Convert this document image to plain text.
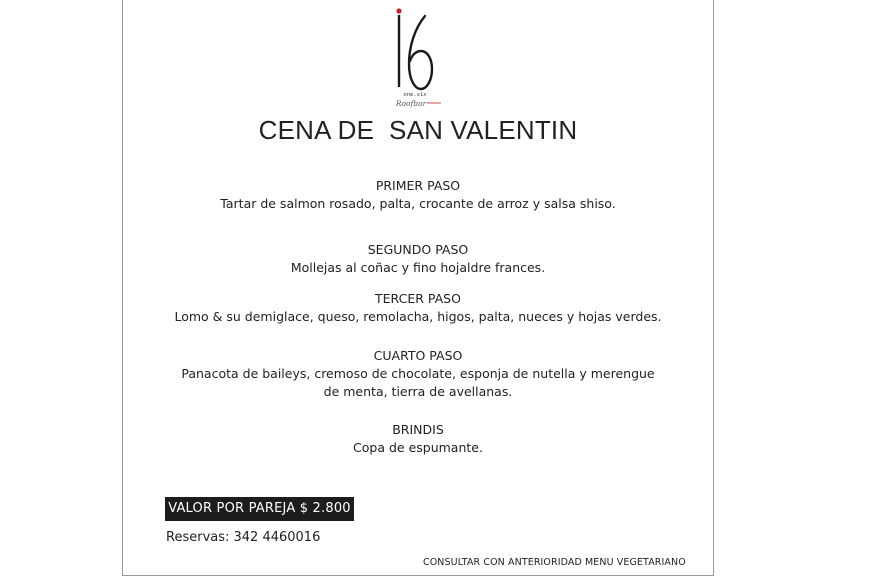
one.six
Roofbar
CENA DE  SAN VALENTIN
PRIMER PASO
Tartar de salmon rosado, palta, crocante de arroz y salsa shiso.
SEGUNDO PASO
Mollejas al coñac y fino hojaldre frances.
TERCER PASO
Lomo & su demiglace, queso, remolacha, higos, palta, nueces y hojas verdes.
CUARTO PASO
Panacota de baileys, cremoso de chocolate, esponja de nutella y merengue
de menta, tierra de avellanas.
BRINDIS
Copa de espumante.
VALOR POR PAREJA $ 2.800
Reservas: 342 4460016
CONSULTAR CON ANTERIORIDAD MENU VEGETARIANO
